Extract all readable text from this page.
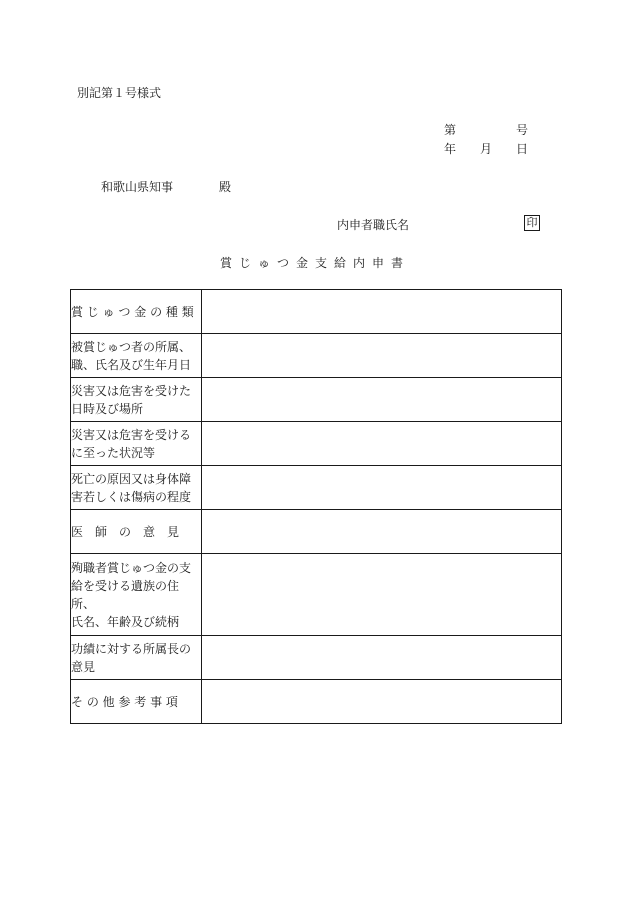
別記第１号様式
第	号
年 月 日
和歌山県知事	殿
内申者職氏名	印
賞じゅつ金支給内申書
賞 じ ゅ つ 金 の 種 類	

被賞じゅつ者の所属、
職、氏名及び生年月日	

災害又は危害を受けた
日時及び場所	

災害又は危害を受ける
に至った状況等	

死亡の原因又は身体障
害若しくは傷病の程度	

医　師　の　意　見	

殉職者賞じゅつ金の支
給を受ける遺族の住所、
氏名、年齢及び続柄	

功績に対する所属長の
意見	

そ の 他 参 考 事 項	
